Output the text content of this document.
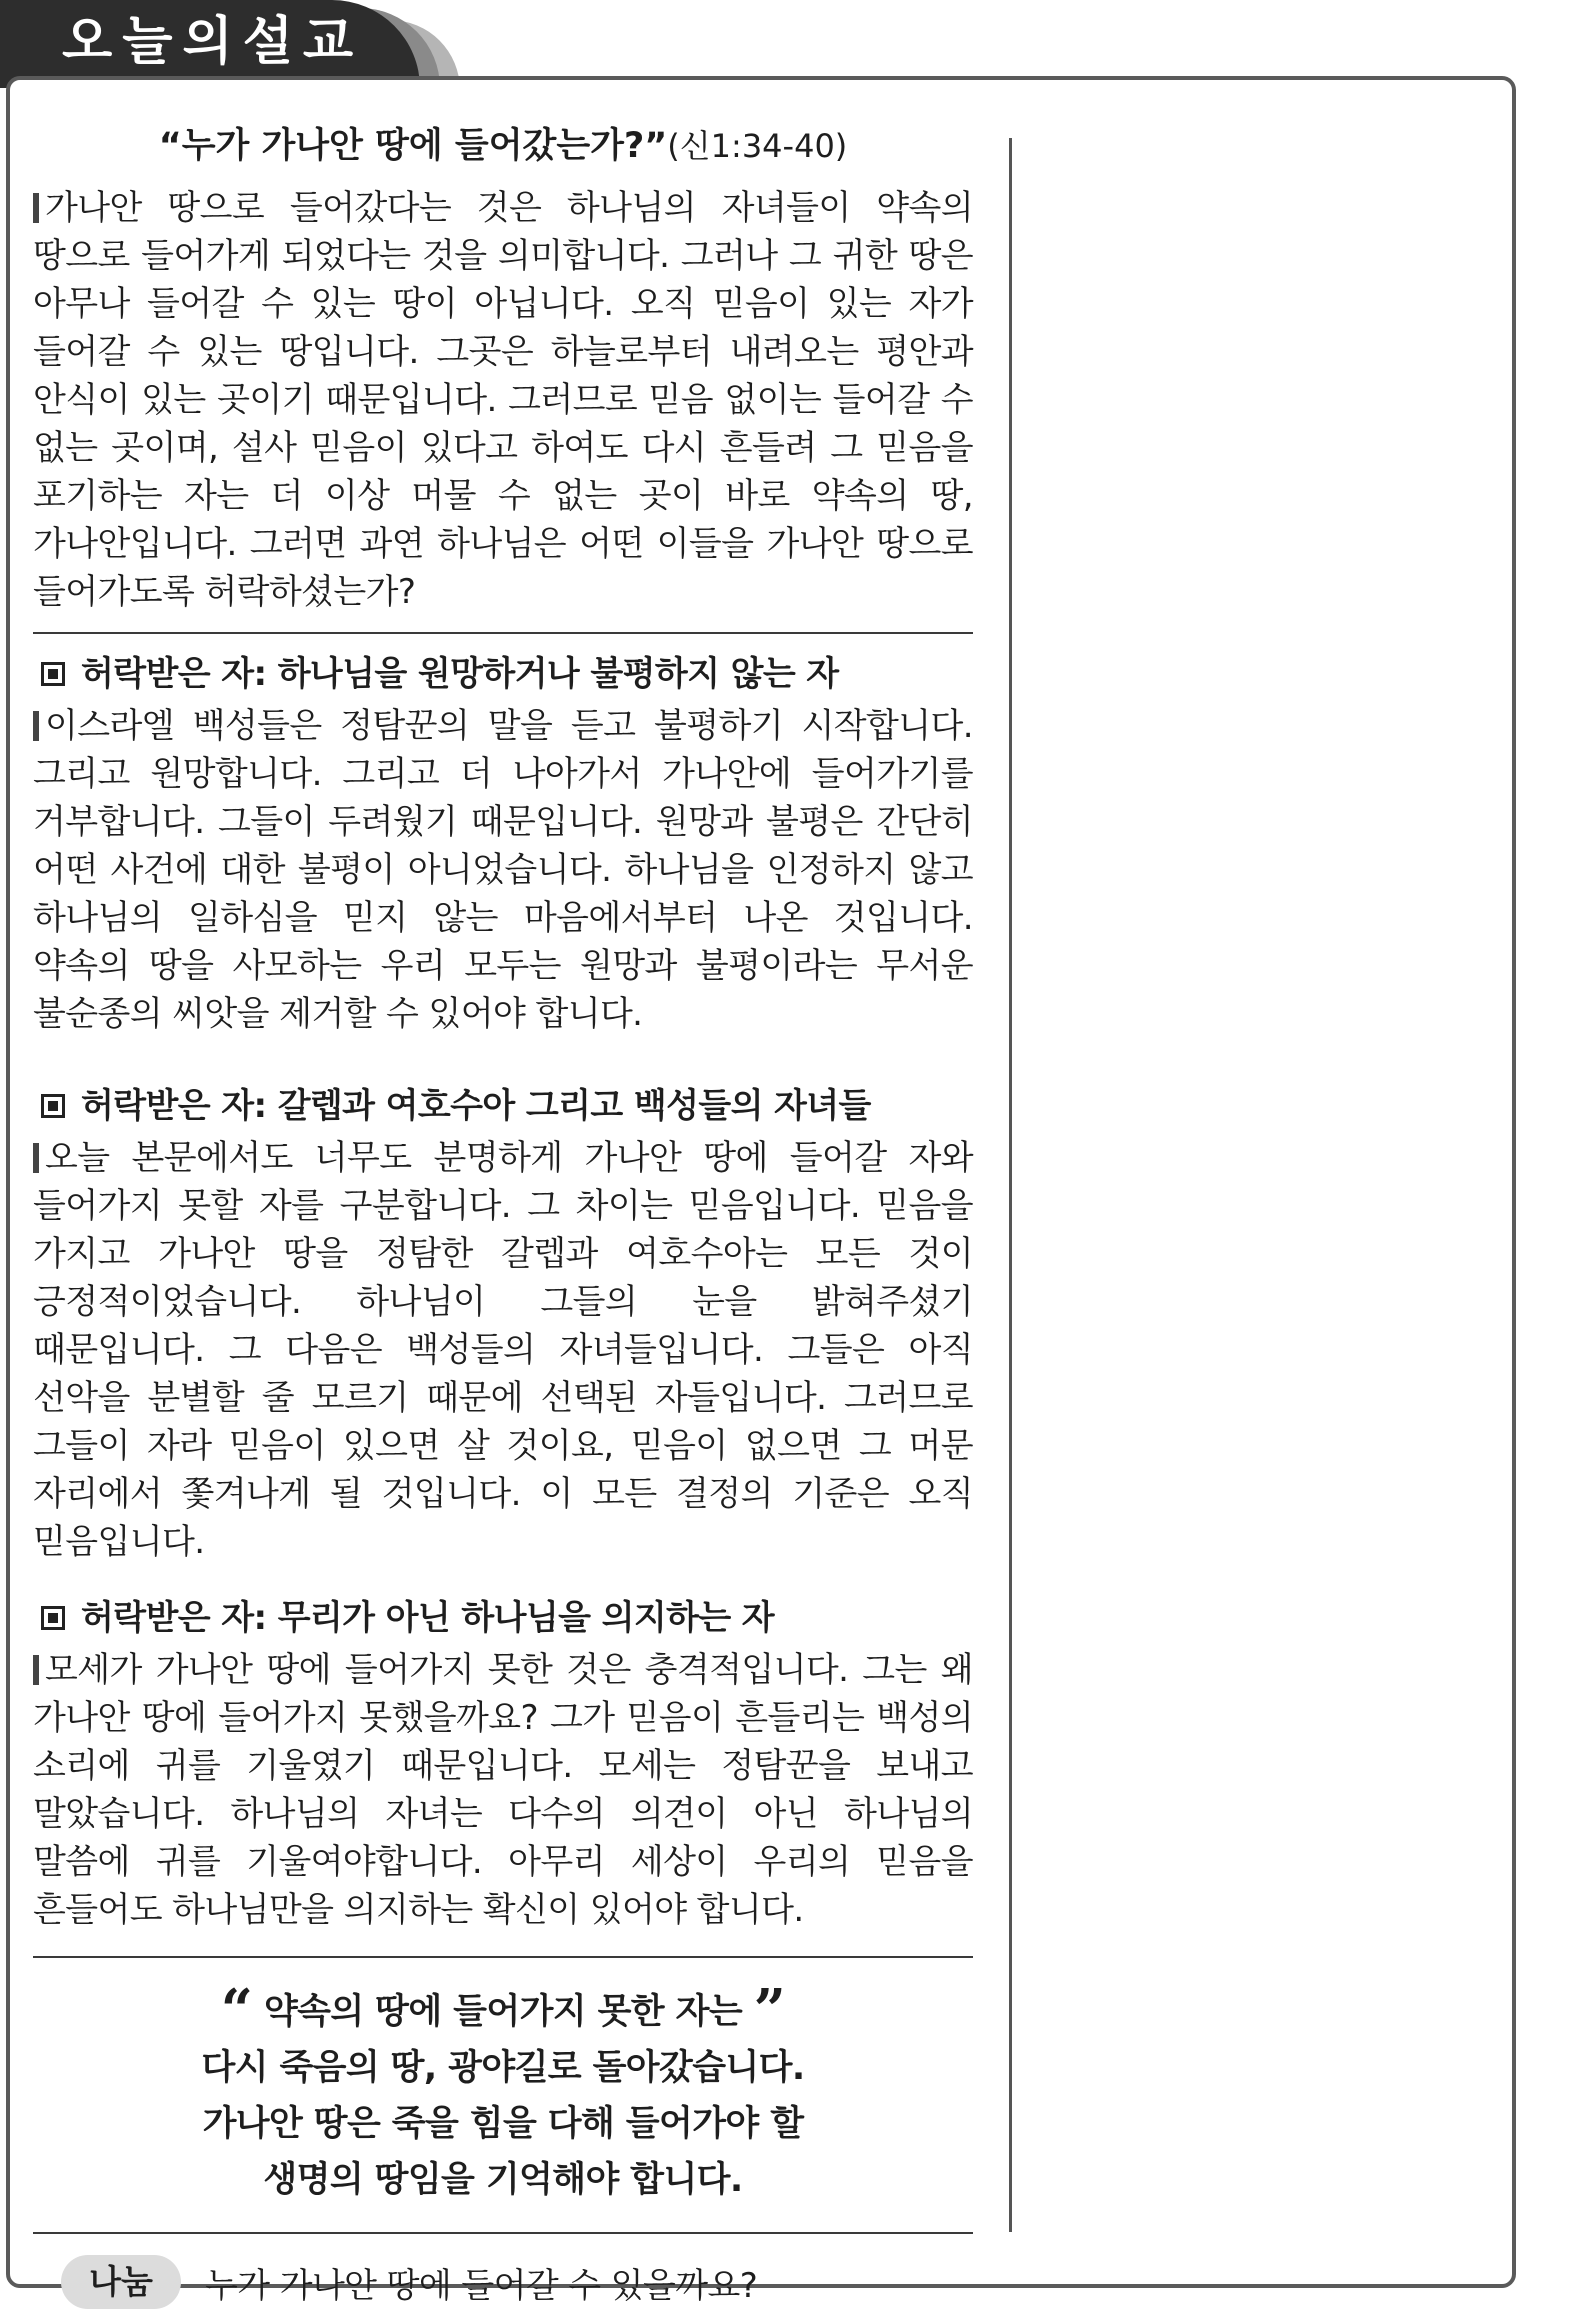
오늘의설교
“누가 가나안 땅에 들어갔는가?”(신1:34-40)

가나안 땅으로 들어갔다는 것은 하나님의 자녀들이 약속의 땅으로 들어가게 되었다는 것을 의미합니다. 그러나 그 귀한 땅은 아무나 들어갈 수 있는 땅이 아닙니다. 오직 믿음이 있는 자가 들어갈 수 있는 땅입니다. 그곳은 하늘로부터 내려오는 평안과 안식이 있는 곳이기 때문입니다. 그러므로 믿음 없이는 들어갈 수 없는 곳이며, 설사 믿음이 있다고 하여도 다시 흔들려 그 믿음을 포기하는 자는 더 이상 머물 수 없는 곳이 바로 약속의 땅, 가나안입니다. 그러면 과연 하나님은 어떤 이들을 가나안 땅으로 들어가도록 허락하셨는가?

허락받은 자: 하나님을 원망하거나 불평하지 않는 자

이스라엘 백성들은 정탐꾼의 말을 듣고 불평하기 시작합니다. 그리고 원망합니다. 그리고 더 나아가서 가나안에 들어가기를 거부합니다. 그들이 두려웠기 때문입니다. 원망과 불평은 간단히 어떤 사건에 대한 불평이 아니었습니다. 하나님을 인정하지 않고 하나님의 일하심을 믿지 않는 마음에서부터 나온 것입니다. 약속의 땅을 사모하는 우리 모두는 원망과 불평이라는 무서운 불순종의 씨앗을 제거할 수 있어야 합니다.

허락받은 자: 갈렙과 여호수아 그리고 백성들의 자녀들

오늘 본문에서도 너무도 분명하게 가나안 땅에 들어갈 자와 들어가지 못할 자를 구분합니다. 그 차이는 믿음입니다. 믿음을 가지고 가나안 땅을 정탐한 갈렙과 여호수아는 모든 것이 긍정적이었습니다. 하나님이 그들의 눈을 밝혀주셨기 때문입니다. 그 다음은 백성들의 자녀들입니다. 그들은 아직 선악을 분별할 줄 모르기 때문에 선택된 자들입니다. 그러므로 그들이 자라 믿음이 있으면 살 것이요, 믿음이 없으면 그 머문 자리에서 쫓겨나게 될 것입니다. 이 모든 결정의 기준은 오직 믿음입니다.

허락받은 자: 무리가 아닌 하나님을 의지하는 자

모세가 가나안 땅에 들어가지 못한 것은 충격적입니다. 그는 왜 가나안 땅에 들어가지 못했을까요? 그가 믿음이 흔들리는 백성의 소리에 귀를 기울였기 때문입니다. 모세는 정탐꾼을 보내고 말았습니다. 하나님의 자녀는 다수의 의견이 아닌 하나님의 말씀에 귀를 기울여야합니다. 아무리 세상이 우리의 믿음을 흔들어도 하나님만을 의지하는 확신이 있어야 합니다.

“ 약속의 땅에 들어가지 못한 자는 ”

다시 죽음의 땅, 광야길로 돌아갔습니다.

가나안 땅은 죽을 힘을 다해 들어가야 할

생명의 땅임을 기억해야 합니다.

나눔	누가 가나안 땅에 들어갈 수 있을까요?
